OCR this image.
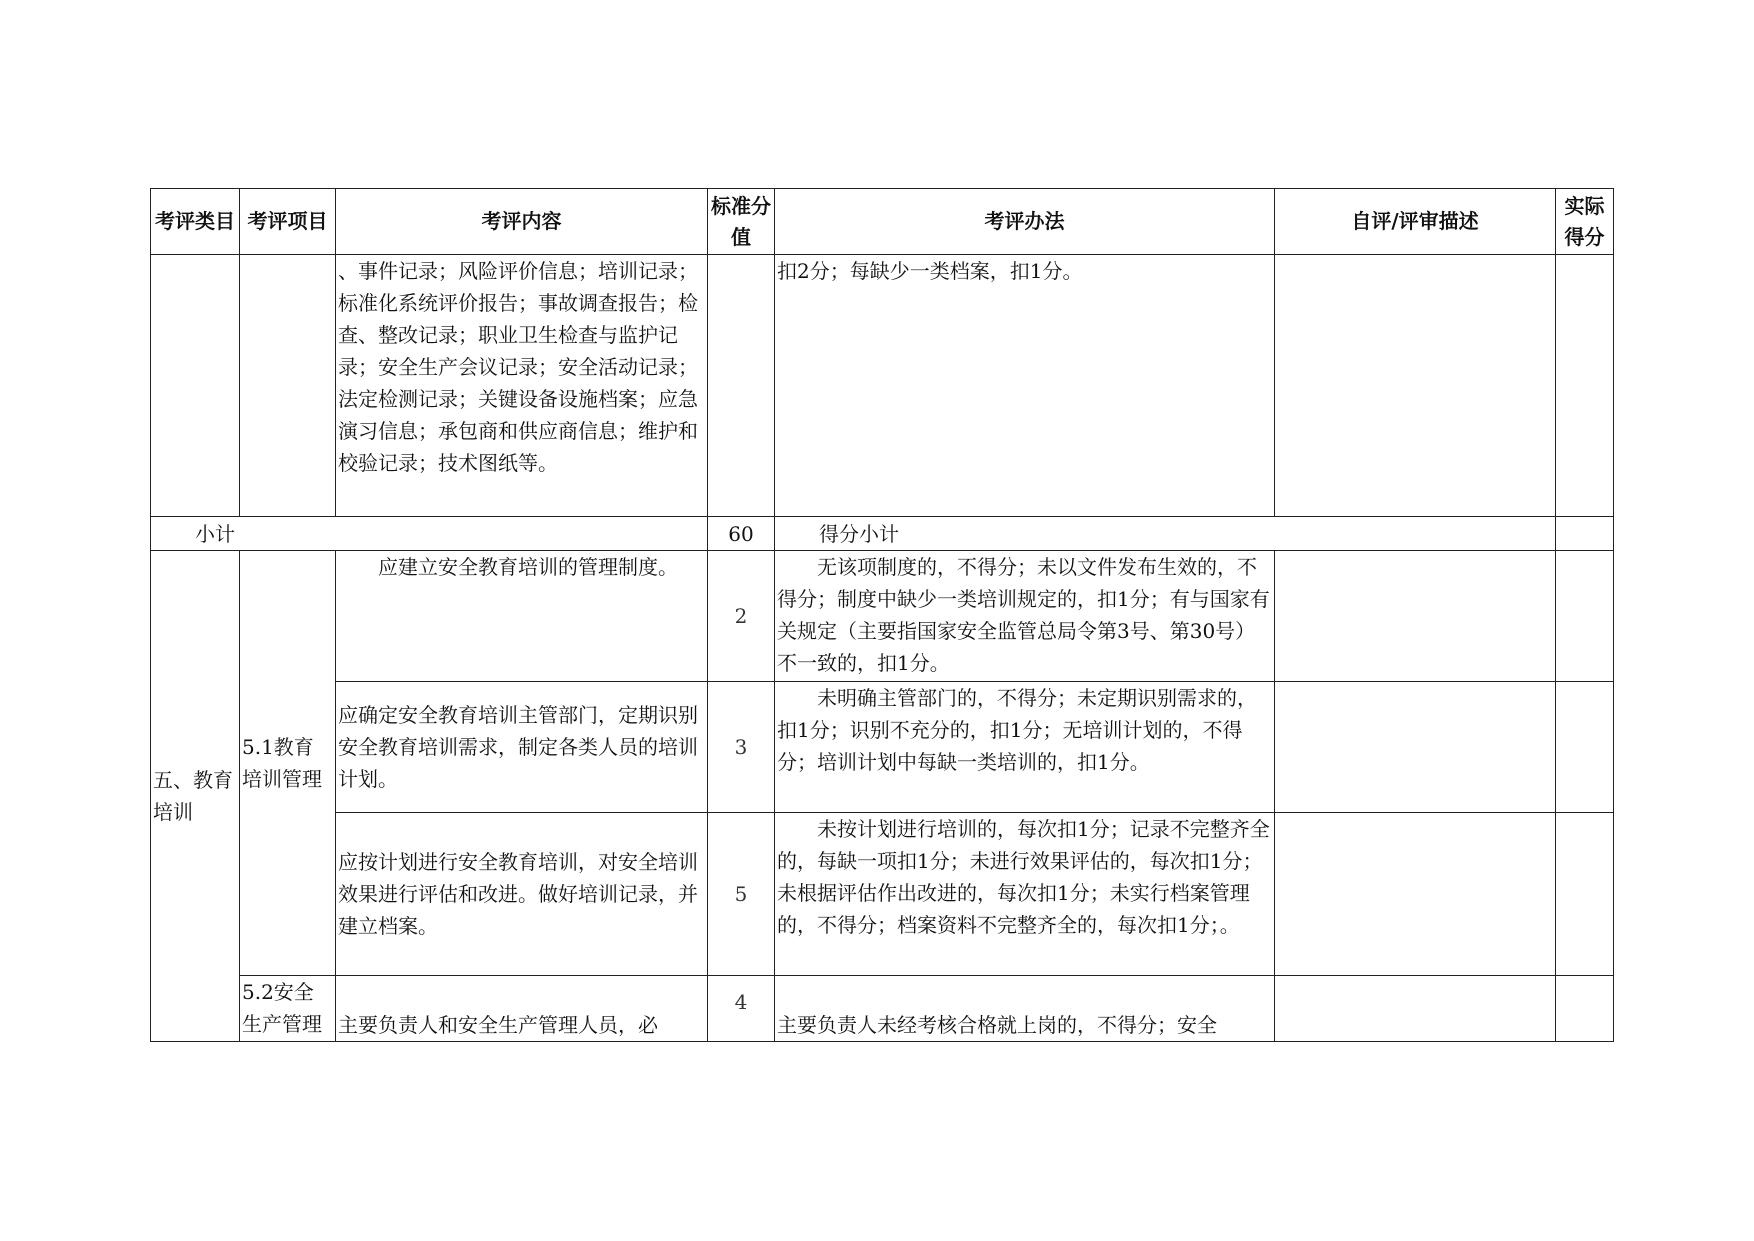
考评类目	考评项目	考评内容	标准分值	考评办法	自评/评审描述	实际得分
		、事件记录；风险评价信息；培训记录；标准化系统评价报告；事故调查报告；检查、整改记录；职业卫生检查与监护记录；安全生产会议记录；安全活动记录；法定检测记录；关键设备设施档案；应急演习信息；承包商和供应商信息；维护和校验记录；技术图纸等。		扣2分；每缺少一类档案，扣1分。		
小计			60	得分小计		
五、教育培训	5.1教育培训管理	应建立安全教育培训的管理制度。	2	无该项制度的，不得分；未以文件发布生效的，不得分；制度中缺少一类培训规定的，扣1分；有与国家有关规定（主要指国家安全监管总局令第3号、第30号）不一致的，扣1分。		
		应确定安全教育培训主管部门，定期识别安全教育培训需求，制定各类人员的培训计划。	3	未明确主管部门的，不得分；未定期识别需求的，扣1分；识别不充分的，扣1分；无培训计划的，不得分；培训计划中每缺一类培训的，扣1分。		
		应按计划进行安全教育培训，对安全培训效果进行评估和改进。做好培训记录，并建立档案。	5	未按计划进行培训的，每次扣1分；记录不完整齐全的，每缺一项扣1分；未进行效果评估的，每次扣1分；未根据评估作出改进的，每次扣1分；未实行档案管理的，不得分；档案资料不完整齐全的，每次扣1分；。		
	5.2安全生产管理	主要负责人和安全生产管理人员，必	4	主要负责人未经考核合格就上岗的，不得分；安全		
